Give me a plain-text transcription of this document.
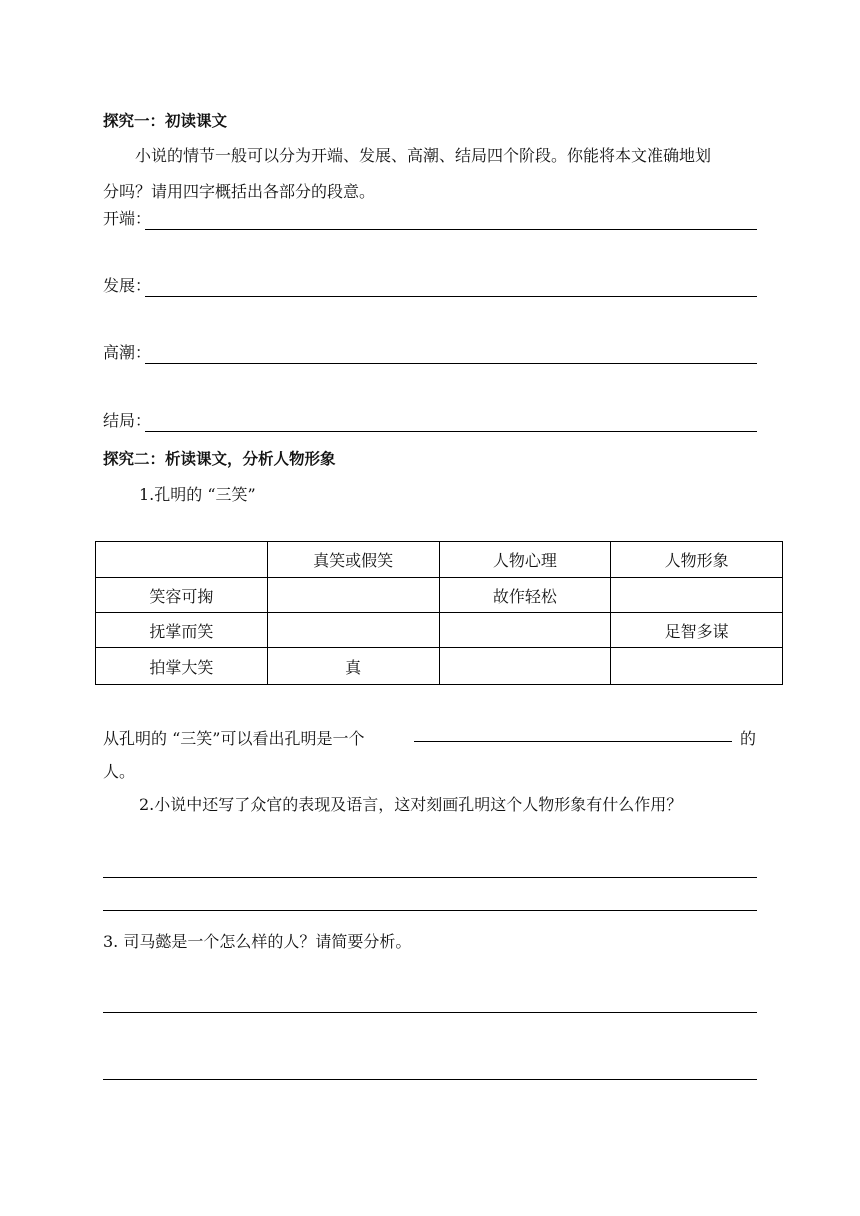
探究一：初读课文
小说的情节一般可以分为开端、发展、高潮、结局四个阶段。你能将本文准确地划
分吗？请用四字概括出各部分的段意。
开端：
发展：
高潮：
结局：
探究二：析读课文，分析人物形象
1.孔明的 “三笑”
	真笑或假笑	人物心理	人物形象
笑容可掬		故作轻松	
抚掌而笑			足智多谋
拍掌大笑	真		
从孔明的 “三笑”可以看出孔明是一个	的
人。
2.小说中还写了众官的表现及语言，这对刻画孔明这个人物形象有什么作用？
3. 司马懿是一个怎么样的人？请简要分析。
